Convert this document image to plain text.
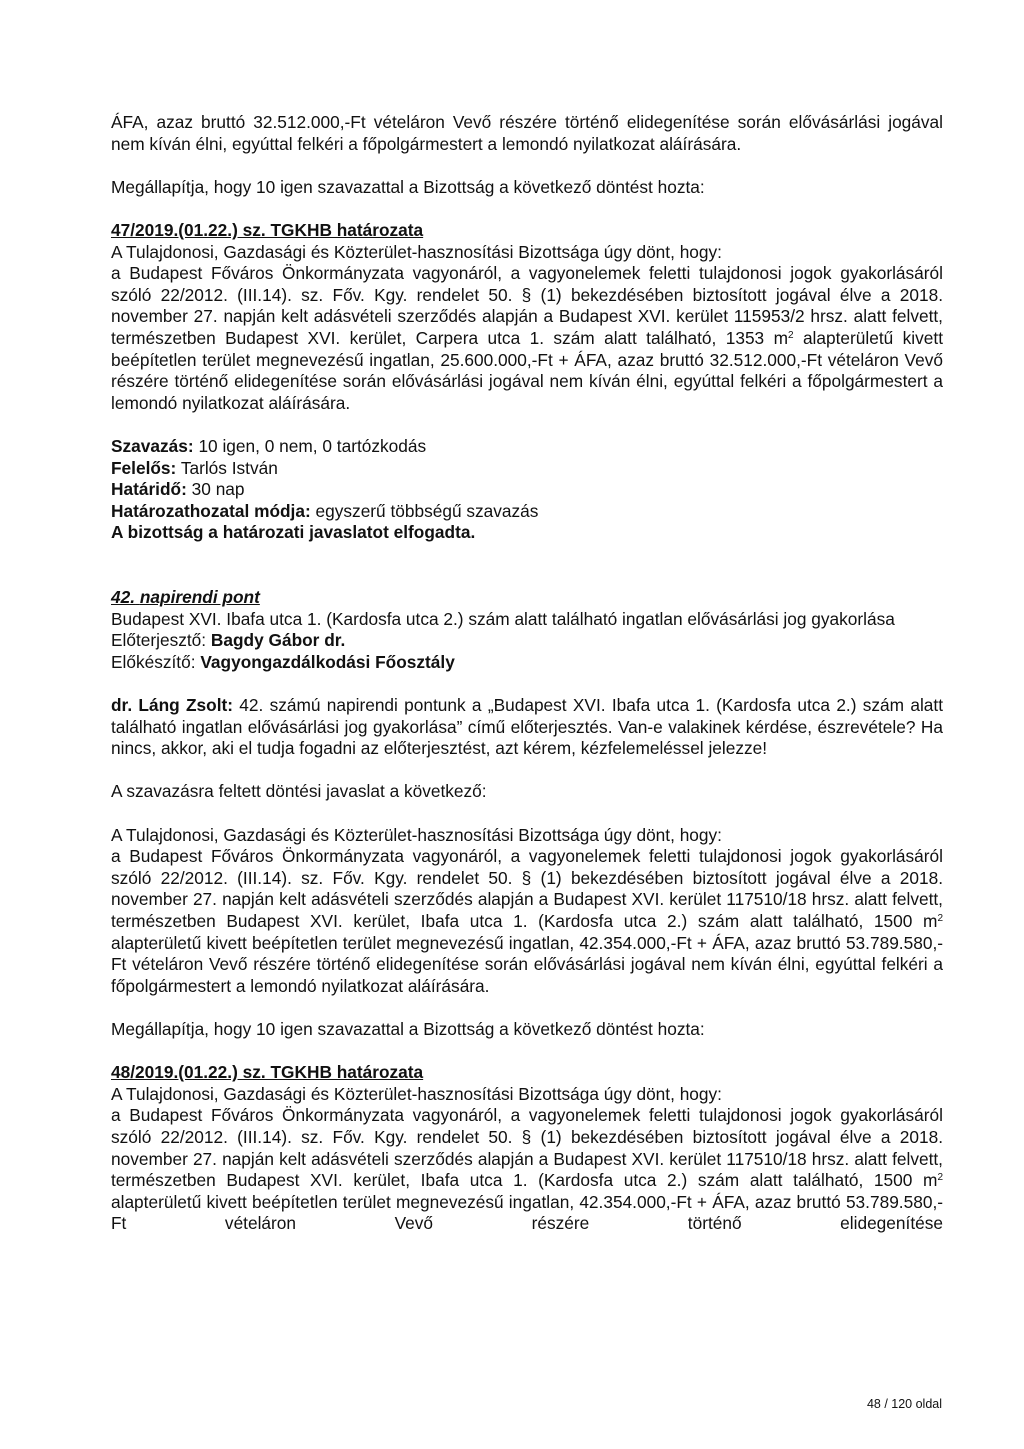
ÁFA, azaz bruttó 32.512.000,-Ft vételáron Vevő részére történő elidegenítése során elővásárlási jogával nem kíván élni, egyúttal felkéri a főpolgármestert a lemondó nyilatkozat aláírására.

Megállapítja, hogy 10 igen szavazattal a Bizottság a következő döntést hozta:

47/2019.(01.22.) sz. TGKHB határozata

A Tulajdonosi, Gazdasági és Közterület-hasznosítási Bizottsága úgy dönt, hogy:

a Budapest Főváros Önkormányzata vagyonáról, a vagyonelemek feletti tulajdonosi jogok gyakorlásáról szóló 22/2012. (III.14). sz. Főv. Kgy. rendelet 50. § (1) bekezdésében biztosított jogával élve a 2018. november 27. napján kelt adásvételi szerződés alapján a Budapest XVI. kerület 115953/2 hrsz. alatt felvett, természetben Budapest XVI. kerület, Carpera utca 1. szám alatt található, 1353 $m^2$ alapterületű kivett beépítetlen terület megnevezésű ingatlan, 25.600.000,-Ft + ÁFA, azaz bruttó 32.512.000,-Ft vételáron Vevő részére történő elidegenítése során elővásárlási jogával nem kíván élni, egyúttal felkéri a főpolgármestert a lemondó nyilatkozat aláírására.

Szavazás: 10 igen, 0 nem, 0 tartózkodás

Felelős: Tarlós István

Határidő: 30 nap

Határozathozatal módja: egyszerű többségű szavazás

A bizottság a határozati javaslatot elfogadta.

42. napirendi pont

Budapest XVI. Ibafa utca 1. (Kardosfa utca 2.) szám alatt található ingatlan elővásárlási jog gyakorlása

Előterjesztő: Bagdy Gábor dr.

Előkészítő: Vagyongazdálkodási Főosztály

dr. Láng Zsolt: 42. számú napirendi pontunk a „Budapest XVI. Ibafa utca 1. (Kardosfa utca 2.) szám alatt található ingatlan elővásárlási jog gyakorlása” című előterjesztés. Van-e valakinek kérdése, észrevétele? Ha nincs, akkor, aki el tudja fogadni az előterjesztést, azt kérem, kézfelemeléssel jelezze!

A szavazásra feltett döntési javaslat a következő:

A Tulajdonosi, Gazdasági és Közterület-hasznosítási Bizottsága úgy dönt, hogy:

a Budapest Főváros Önkormányzata vagyonáról, a vagyonelemek feletti tulajdonosi jogok gyakorlásáról szóló 22/2012. (III.14). sz. Főv. Kgy. rendelet 50. § (1) bekezdésében biztosított jogával élve a 2018. november 27. napján kelt adásvételi szerződés alapján a Budapest XVI. kerület 117510/18 hrsz. alatt felvett, természetben Budapest XVI. kerület, Ibafa utca 1. (Kardosfa utca 2.) szám alatt található, 1500 $m^2$ alapterületű kivett beépítetlen terület megnevezésű ingatlan, 42.354.000,-Ft + ÁFA, azaz bruttó 53.789.580,-Ft vételáron Vevő részére történő elidegenítése során elővásárlási jogával nem kíván élni, egyúttal felkéri a főpolgármestert a lemondó nyilatkozat aláírására.

Megállapítja, hogy 10 igen szavazattal a Bizottság a következő döntést hozta:

48/2019.(01.22.) sz. TGKHB határozata

A Tulajdonosi, Gazdasági és Közterület-hasznosítási Bizottsága úgy dönt, hogy:

a Budapest Főváros Önkormányzata vagyonáról, a vagyonelemek feletti tulajdonosi jogok gyakorlásáról szóló 22/2012. (III.14). sz. Főv. Kgy. rendelet 50. § (1) bekezdésében biztosított jogával élve a 2018. november 27. napján kelt adásvételi szerződés alapján a Budapest XVI. kerület 117510/18 hrsz. alatt felvett, természetben Budapest XVI. kerület, Ibafa utca 1. (Kardosfa utca 2.) szám alatt található, 1500 $m^2$ alapterületű kivett beépítetlen terület megnevezésű ingatlan, 42.354.000,-Ft + ÁFA, azaz bruttó 53.789.580,-Ft vételáron Vevő részére történő elidegenítése

48 / 120 oldal
